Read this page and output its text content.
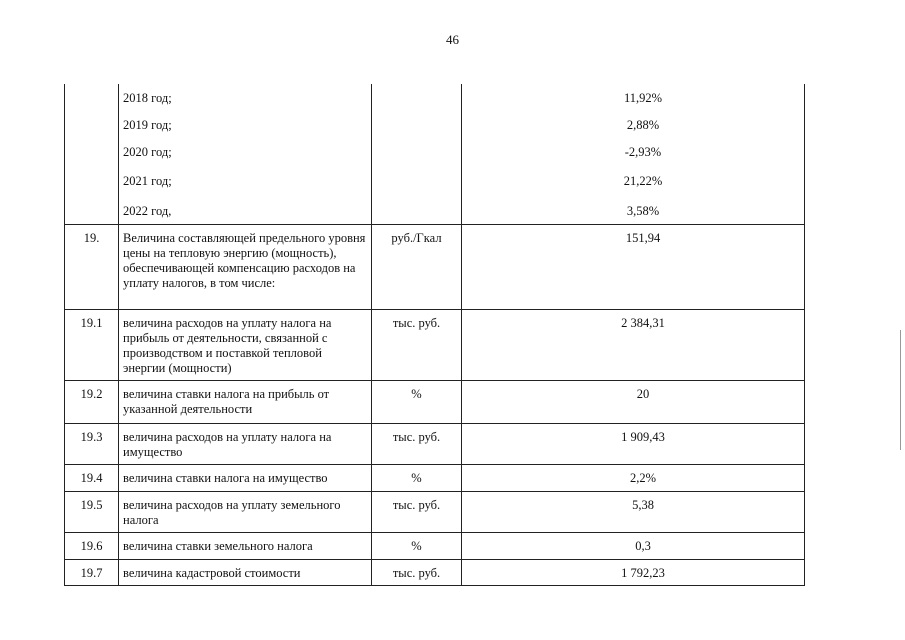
46
	2018 год;		11,92%
	2019 год;		2,88%
	2020 год;		-2,93%
	2021 год;		21,22%
	2022 год,		3,58%
19.	Величина составляющей предельного уровня цены на тепловую энергию (мощность), обеспечивающей компенсацию расходов на уплату налогов, в том числе:	руб./Гкал	151,94
19.1	величина расходов на уплату налога на прибыль от деятельности, связанной с производством и поставкой тепловой энергии (мощности)	тыс. руб.	2 384,31
19.2	величина ставки налога на прибыль от указанной деятельности	%	20
19.3	величина расходов на уплату налога на имущество	тыс. руб.	1 909,43
19.4	величина ставки налога на имущество	%	2,2%
19.5	величина расходов на уплату земельного налога	тыс. руб.	5,38
19.6	величина ставки земельного налога	%	0,3
19.7	величина кадастровой стоимости	тыс. руб.	1 792,23
